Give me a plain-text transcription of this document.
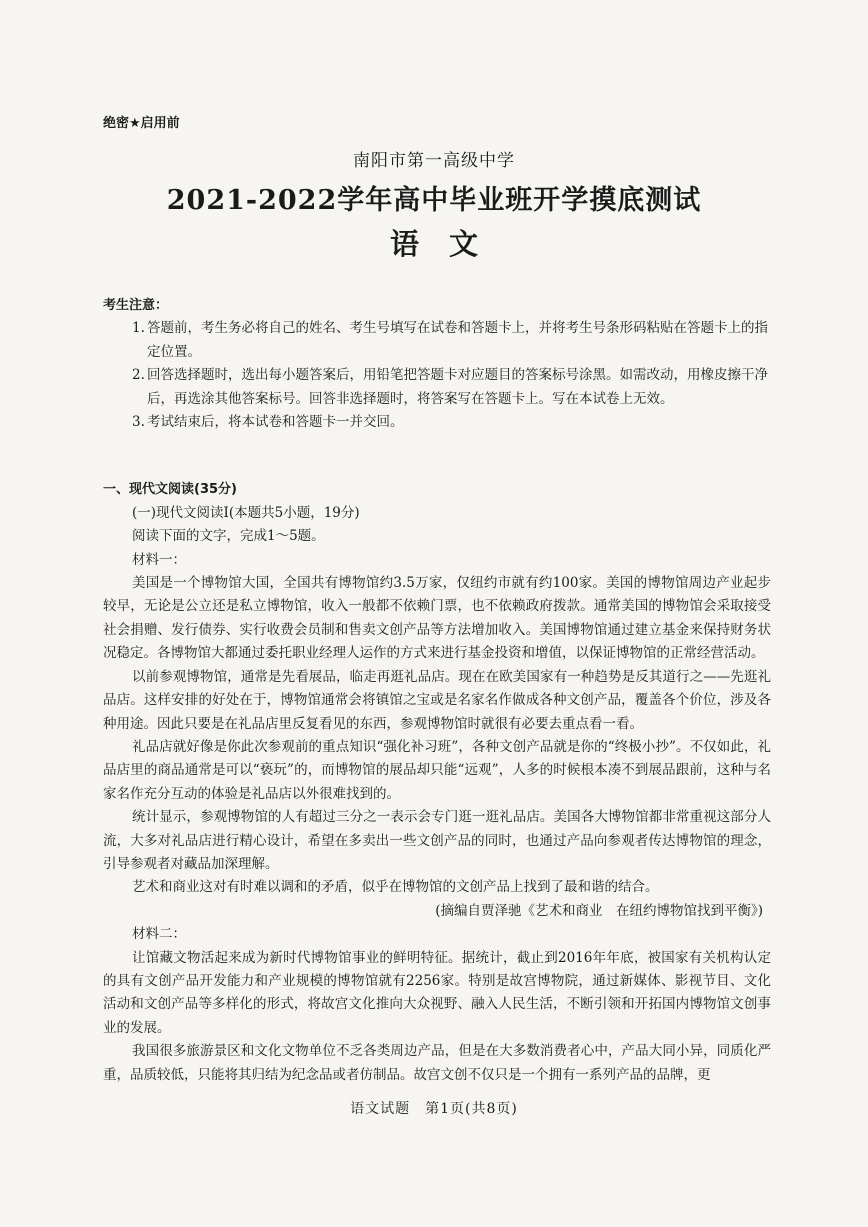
绝密★启用前
南阳市第一高级中学
2021-2022学年高中毕业班开学摸底测试
语文
考生注意：

1. 答题前，考生务必将自己的姓名、考生号填写在试卷和答题卡上，并将考生号条形码粘贴在答题卡上的指定位置。

2. 回答选择题时，选出每小题答案后，用铅笔把答题卡对应题目的答案标号涂黑。如需改动，用橡皮擦干净后，再选涂其他答案标号。回答非选择题时，将答案写在答题卡上。写在本试卷上无效。

3. 考试结束后，将本试卷和答题卡一并交回。

一、现代文阅读(35分)

(一)现代文阅读Ⅰ(本题共5小题，19分)

阅读下面的文字，完成1～5题。

材料一：

美国是一个博物馆大国，全国共有博物馆约3.5万家，仅纽约市就有约100家。美国的博物馆周边产业起步较早，无论是公立还是私立博物馆，收入一般都不依赖门票，也不依赖政府拨款。通常美国的博物馆会采取接受社会捐赠、发行债券、实行收费会员制和售卖文创产品等方法增加收入。美国博物馆通过建立基金来保持财务状况稳定。各博物馆大都通过委托职业经理人运作的方式来进行基金投资和增值，以保证博物馆的正常经营活动。

以前参观博物馆，通常是先看展品，临走再逛礼品店。现在在欧美国家有一种趋势是反其道行之——先逛礼品店。这样安排的好处在于，博物馆通常会将镇馆之宝或是名家名作做成各种文创产品，覆盖各个价位，涉及各种用途。因此只要是在礼品店里反复看见的东西，参观博物馆时就很有必要去重点看一看。

礼品店就好像是你此次参观前的重点知识“强化补习班”，各种文创产品就是你的“终极小抄”。不仅如此，礼品店里的商品通常是可以“亵玩”的，而博物馆的展品却只能“远观”，人多的时候根本凑不到展品跟前，这种与名家名作充分互动的体验是礼品店以外很难找到的。

统计显示，参观博物馆的人有超过三分之一表示会专门逛一逛礼品店。美国各大博物馆都非常重视这部分人流，大多对礼品店进行精心设计，希望在多卖出一些文创产品的同时，也通过产品向参观者传达博物馆的理念，引导参观者对藏品加深理解。

艺术和商业这对有时难以调和的矛盾，似乎在博物馆的文创产品上找到了最和谐的结合。

(摘编自贾泽驰《艺术和商业　在纽约博物馆找到平衡》)

材料二：

让馆藏文物活起来成为新时代博物馆事业的鲜明特征。据统计，截止到2016年年底，被国家有关机构认定的具有文创产品开发能力和产业规模的博物馆就有2256家。特别是故宫博物院，通过新媒体、影视节目、文化活动和文创产品等多样化的形式，将故宫文化推向大众视野、融入人民生活，不断引领和开拓国内博物馆文创事业的发展。

我国很多旅游景区和文化文物单位不乏各类周边产品，但是在大多数消费者心中，产品大同小异，同质化严重，品质较低，只能将其归结为纪念品或者仿制品。故宫文创不仅只是一个拥有一系列产品的品牌，更

语文试题　第1页(共8页)
